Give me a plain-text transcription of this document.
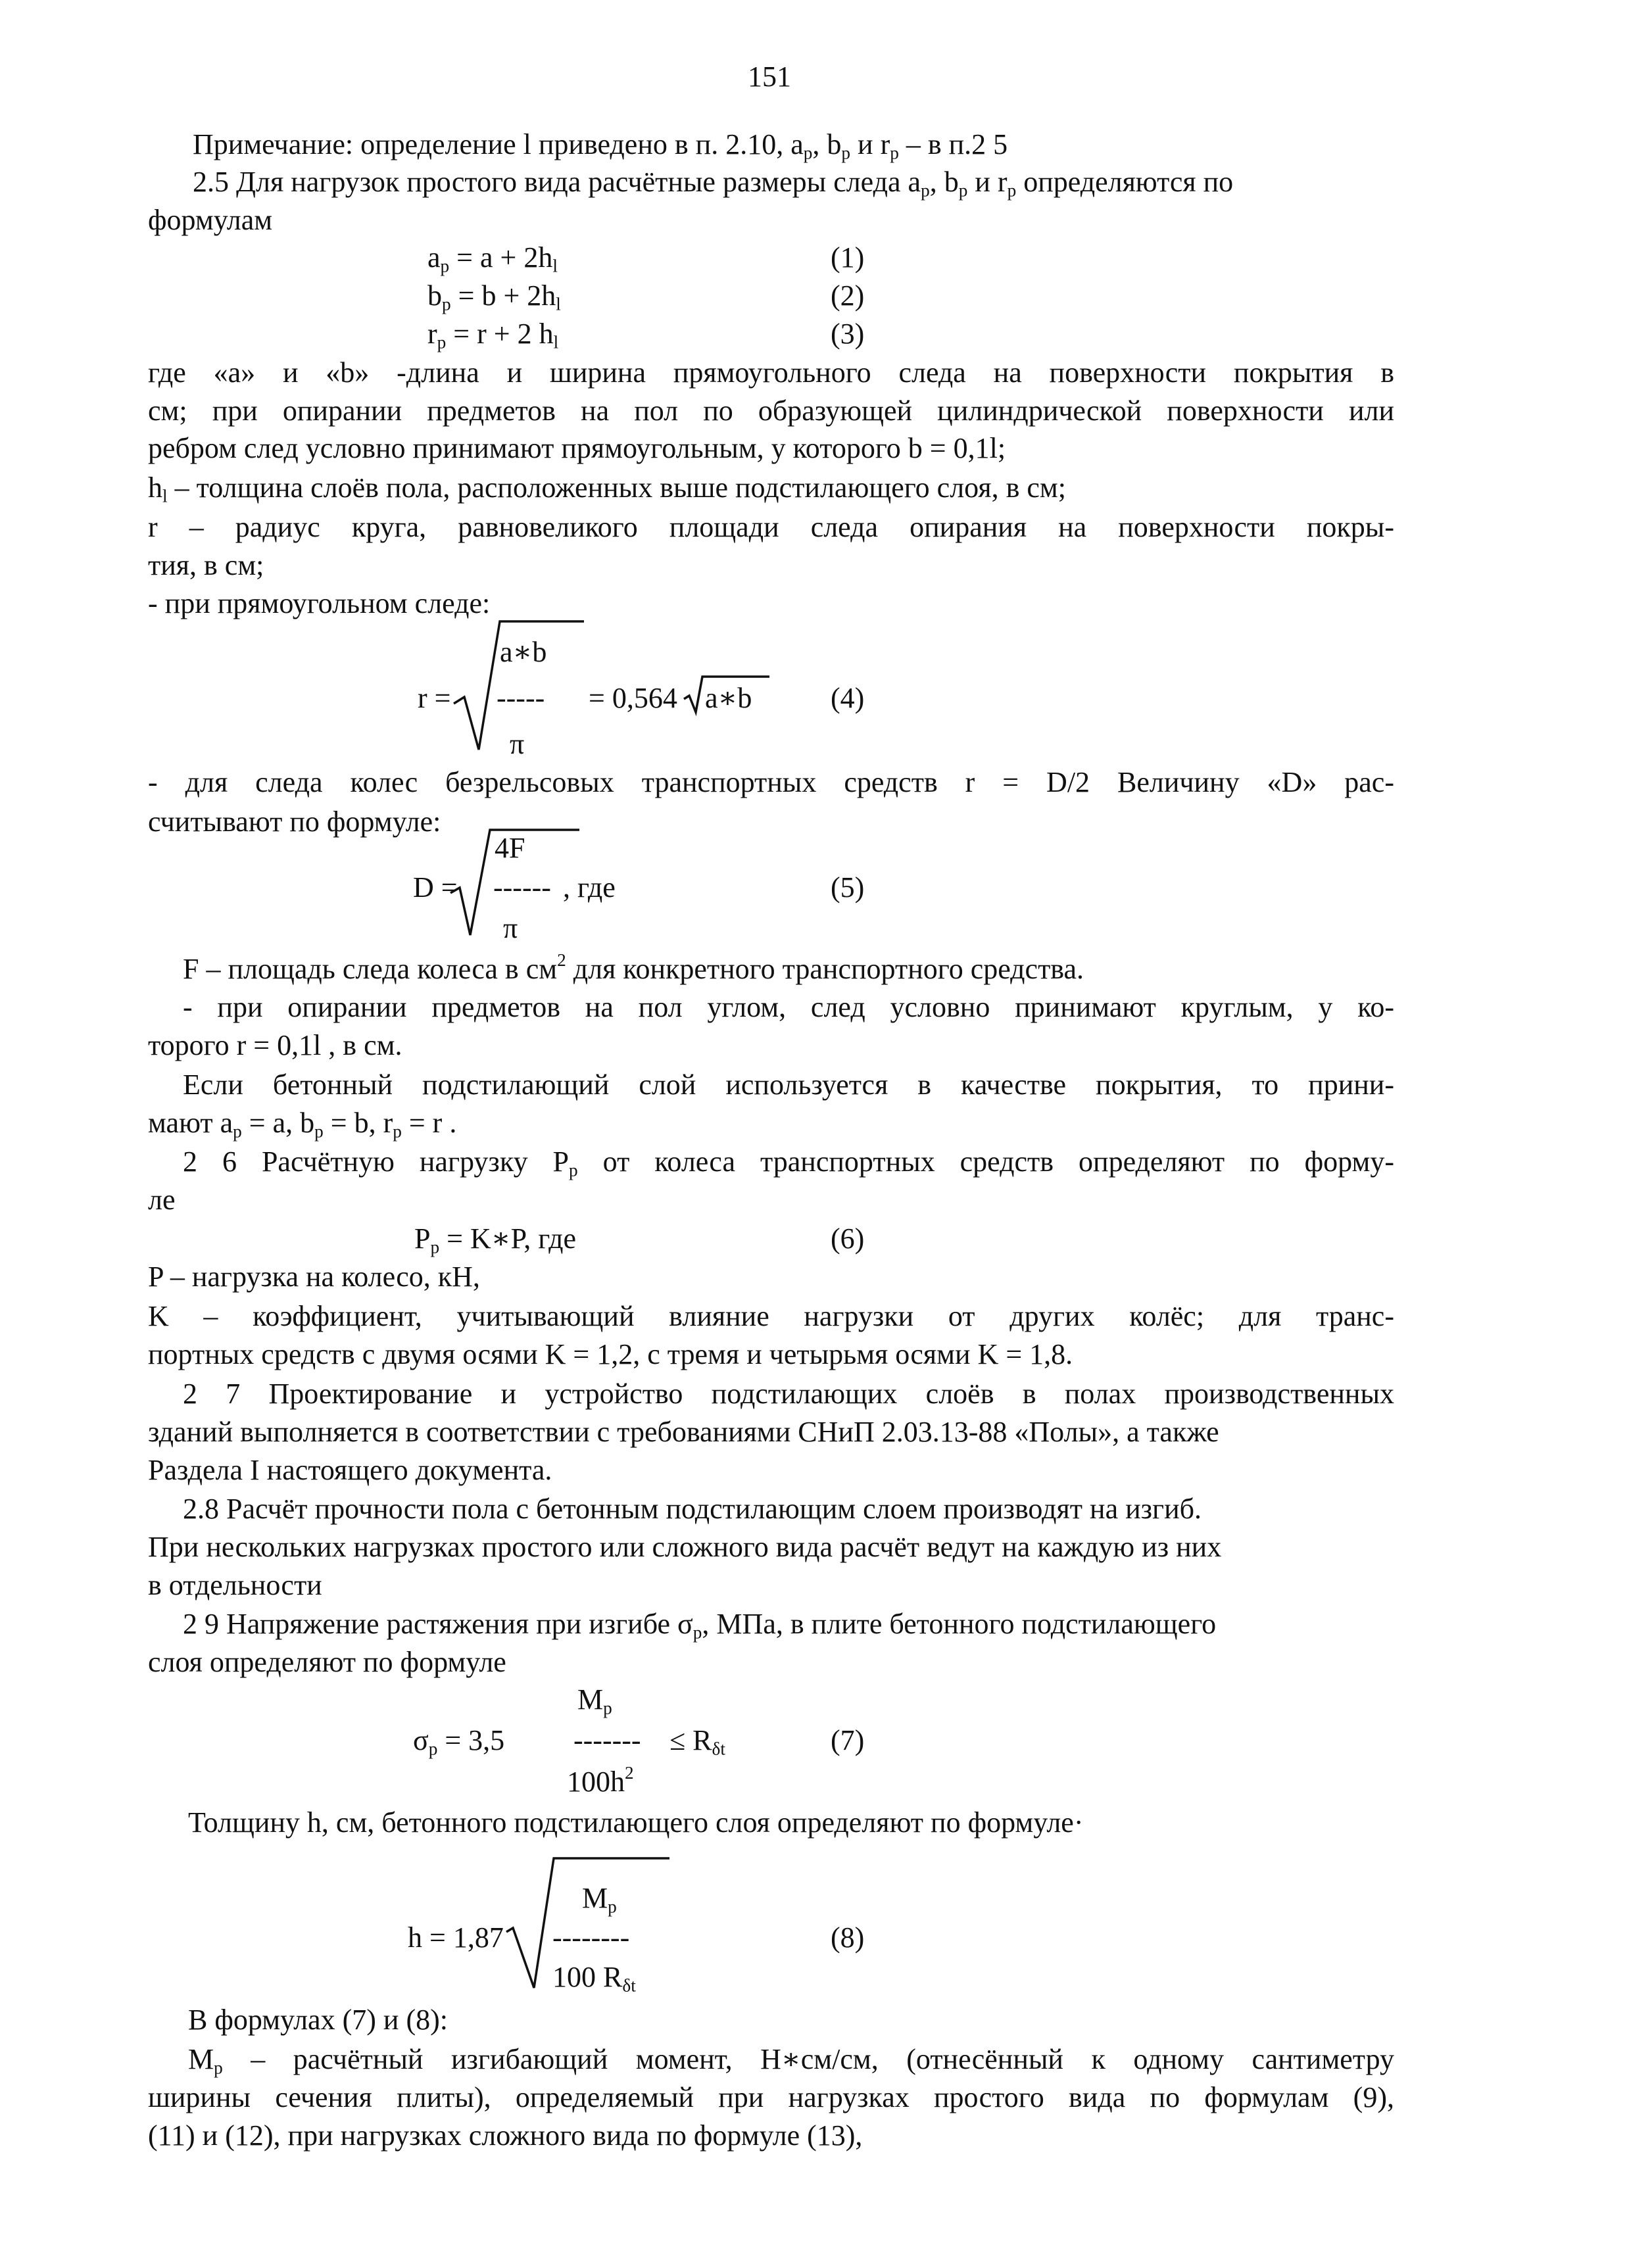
151
Примечание: определение l приведено в п. 2.10, $a_p$, $b_p$ и $r_p$ – в п.2 5
2.5 Для нагрузок простого вида расчётные размеры следа $a_p$, $b_p$ и $r_p$ определяются по
формулам
$a_p = a + 2h_l$	(1)
$b_p = b + 2h_l$	(2)
$r_p = r + 2$ $h_l$	(3)
где «a» и «b» -длина и ширина прямоугольного следа на поверхности покрытия в
см; при опирании предметов на пол по образующей цилиндрической поверхности или
ребром след условно принимают прямоугольным, у которого b = 0,1l;
$h_l$ – толщина слоёв пола, расположенных выше подстилающего слоя, в см;
r – радиус круга, равновеликого площади следа опирания на поверхности покры-
тия, в см;
- при прямоугольном следе:
r =
a∗b
-----
π
= 0,564 a∗b	(4)
- для следа колес безрельсовых транспортных средств r = D/2 Величину «D» рас-
считывают по формуле:
D =
4F
------ , где
π
(5)
F – площадь следа колеса в $см^2$ для конкретного транспортного средства.
- при опирании предметов на пол углом, след условно принимают круглым, у ко-
торого r = 0,1l , в см.
Если бетонный подстилающий слой используется в качестве покрытия, то прини-
мают $a_p = a$, $b_p = b$, $r_p = r$ .
2 6 Расчётную нагрузку $P_p$ от колеса транспортных средств определяют по форму-
ле
$P_p$ = K∗P, где	(6)
P – нагрузка на колесо, кН,
K – коэффициент, учитывающий влияние нагрузки от других колёс; для транс-
портных средств с двумя осями K = 1,2, с тремя и четырьмя осями K = 1,8.
2 7 Проектирование и устройство подстилающих слоёв в полах производственных
зданий выполняется в соответствии с требованиями СНиП 2.03.13-88 «Полы», а также
Раздела I настоящего документа.
2.8 Расчёт прочности пола с бетонным подстилающим слоем производят на изгиб.
При нескольких нагрузках простого или сложного вида расчёт ведут на каждую из них
в отдельности
2 9 Напряжение растяжения при изгибе $\sigma_p$, МПа, в плите бетонного подстилающего
слоя определяют по формуле
$M_p$
$\sigma_p = 3,5$ ------- ≤ $R_{\delta t}$
$100h^2$
(7)
Толщину h, см, бетонного подстилающего слоя определяют по формуле·
h = 1,87
$M_p$
--------
100 $R_{\delta t}$
(8)
В формулах (7) и (8):
$M_p$ – расчётный изгибающий момент, H∗см/см, (отнесённый к одному сантиметру
ширины сечения плиты), определяемый при нагрузках простого вида по формулам (9),
(11) и (12), при нагрузках сложного вида по формуле (13),
